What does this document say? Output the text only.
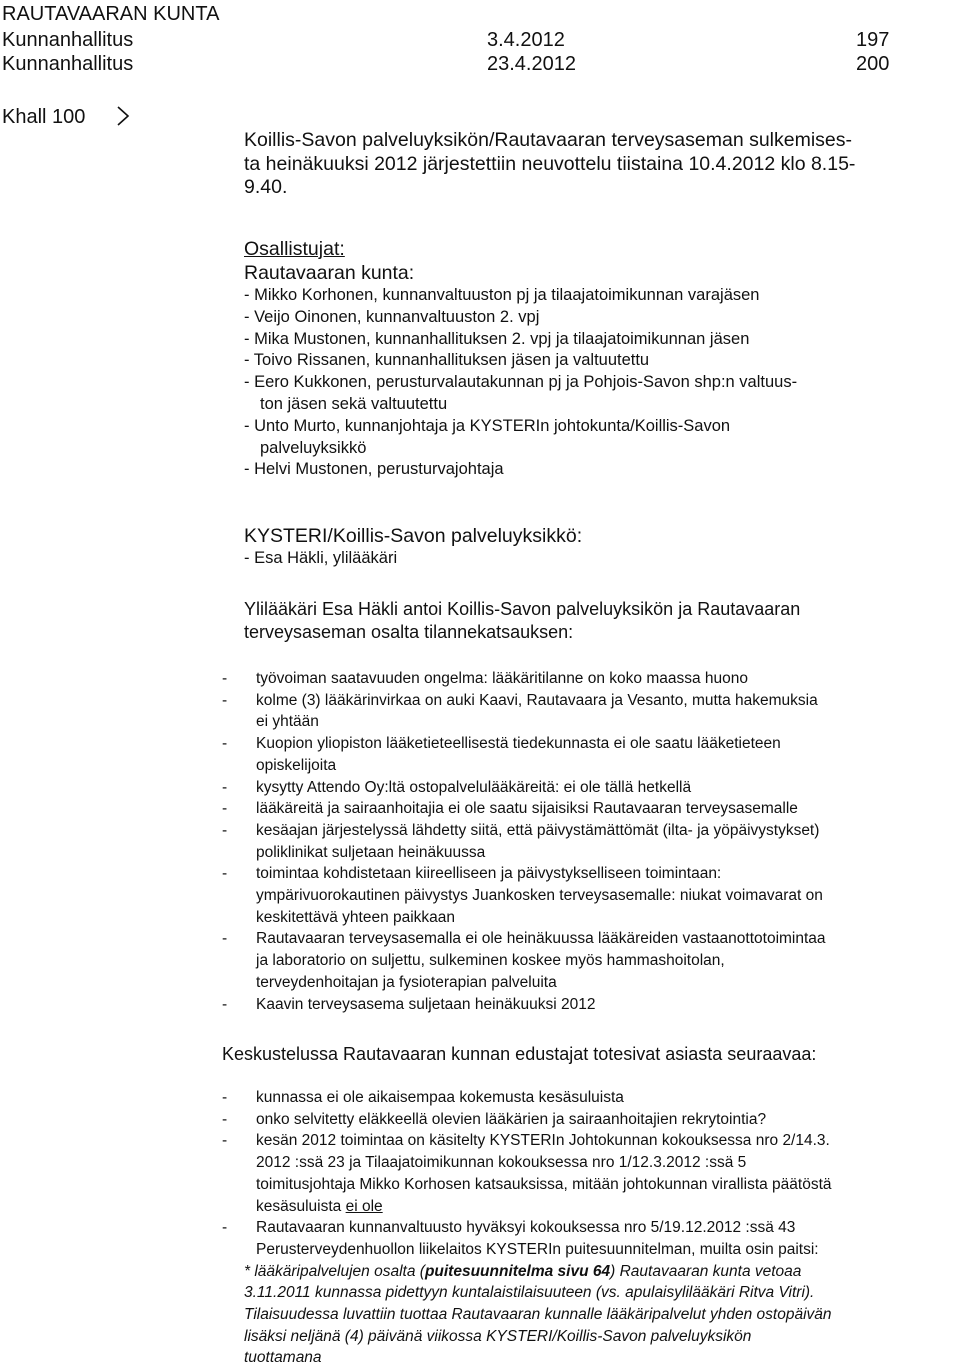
RAUTAVAARAN KUNTA
Kunnanhallitus	3.4.2012	197
Kunnanhallitus	23.4.2012	200
Khall 100
Koillis-Savon palveluyksikön/Rautavaaran terveysaseman sulkemises-
ta heinäkuuksi 2012 järjestettiin neuvottelu tiistaina 10.4.2012 klo 8.15-
9.40.
Osallistujat:
Rautavaaran kunta:
- Mikko Korhonen, kunnanvaltuuston pj ja tilaajatoimikunnan varajäsen
- Veijo Oinonen, kunnanvaltuuston 2. vpj
- Mika Mustonen, kunnanhallituksen 2. vpj ja tilaajatoimikunnan jäsen
- Toivo Rissanen, kunnanhallituksen jäsen ja valtuutettu
- Eero Kukkonen, perusturvalautakunnan pj ja Pohjois-Savon shp:n valtuus-
ton jäsen sekä valtuutettu
- Unto Murto, kunnanjohtaja ja KYSTERIn johtokunta/Koillis-Savon
palveluyksikkö
- Helvi Mustonen, perusturvajohtaja
KYSTERI/Koillis-Savon palveluyksikkö:
- Esa Häkli, ylilääkäri
Ylilääkäri Esa Häkli antoi Koillis-Savon palveluyksikön ja Rautavaaran
terveysaseman osalta tilannekatsauksen:
- työvoiman saatavuuden ongelma: lääkäritilanne on koko maassa huono
- kolme (3) lääkärinvirkaa on auki Kaavi, Rautavaara ja Vesanto, mutta hakemuksia
ei yhtään
- Kuopion yliopiston lääketieteellisestä tiedekunnasta ei ole saatu lääketieteen
opiskelijoita
- kysytty Attendo Oy:ltä ostopalvelulääkäreitä: ei ole tällä hetkellä
- lääkäreitä ja sairaanhoitajia ei ole saatu sijaisiksi Rautavaaran terveysasemalle
- kesäajan järjestelyssä lähdetty siitä, että päivystämättömät (ilta- ja yöpäivystykset)
poliklinikat suljetaan heinäkuussa
- toimintaa kohdistetaan kiireelliseen ja päivystykselliseen toimintaan:
ympärivuorokautinen päivystys Juankosken terveysasemalle: niukat voimavarat on
keskitettävä yhteen paikkaan
- Rautavaaran terveysasemalla ei ole heinäkuussa lääkäreiden vastaanottotoimintaa
ja laboratorio on suljettu, sulkeminen koskee myös hammashoitolan,
terveydenhoitajan ja fysioterapian palveluita
- Kaavin terveysasema suljetaan heinäkuuksi 2012
Keskustelussa Rautavaaran kunnan edustajat totesivat asiasta seuraavaa:
- kunnassa ei ole aikaisempaa kokemusta kesäsuluista
- onko selvitetty eläkkeellä olevien lääkärien ja sairaanhoitajien rekrytointia?
- kesän 2012 toimintaa on käsitelty KYSTERIn Johtokunnan kokouksessa nro 2/14.3.
2012 :ssä 23 ja Tilaajatoimikunnan kokouksessa nro 1/12.3.2012 :ssä 5
toimitusjohtaja Mikko Korhosen katsauksissa, mitään johtokunnan virallista päätöstä
kesäsuluista ei ole
- Rautavaaran kunnanvaltuusto hyväksyi kokouksessa nro 5/19.12.2012 :ssä 43
Perusterveydenhuollon liikelaitos KYSTERIn puitesuunnitelman, muilta osin paitsi:
* lääkäripalvelujen osalta (puitesuunnitelma sivu 64) Rautavaaran kunta vetoaa
3.11.2011 kunnassa pidettyyn kuntalaistilaisuuteen (vs. apulaisylilääkäri Ritva Vitri).
Tilaisuudessa luvattiin tuottaa Rautavaaran kunnalle lääkäripalvelut yhden ostopäivän
lisäksi neljänä (4) päivänä viikossa KYSTERI/Koillis-Savon palveluyksikön
tuottamana
